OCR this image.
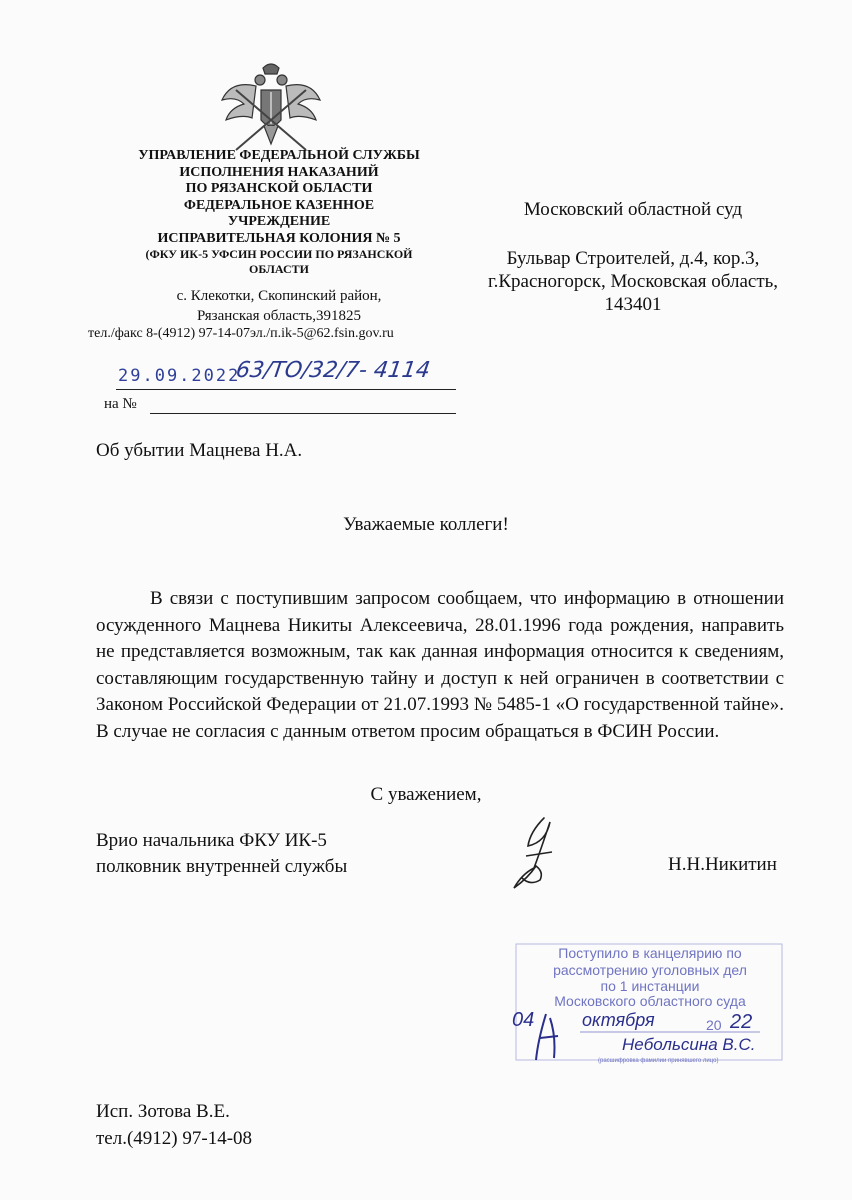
УПРАВЛЕНИЕ ФЕДЕРАЛЬНОЙ СЛУЖБЫ
ИСПОЛНЕНИЯ НАКАЗАНИЙ
ПО РЯЗАНСКОЙ ОБЛАСТИ
ФЕДЕРАЛЬНОЕ КАЗЕННОЕ
УЧРЕЖДЕНИЕ
ИСПРАВИТЕЛЬНАЯ КОЛОНИЯ № 5
(ФКУ ИК-5 УФСИН РОССИИ ПО РЯЗАНСКОЙ
ОБЛАСТИ
с. Клекотки, Скопинский район,
Рязанская область,391825
тел./факс 8-(4912) 97-14-07эл./п.ik-5@62.fsin.gov.ru
29.09.2022
63/ТО/32/7- 4114
на №
Московский областной суд
Бульвар Строителей, д.4, кор.3,
г.Красногорск, Московская область,
143401
Об убытии Мацнева Н.А.
Уважаемые коллеги!
В связи с поступившим запросом сообщаем, что информацию в отношении осужденного Мацнева Никиты Алексеевича, 28.01.1996 года рождения, направить не представляется возможным, так как данная информация относится к сведениям, составляющим государственную тайну и доступ к ней ограничен в соответствии с Законом Российской Федерации от 21.07.1993 № 5485-1 «О государственной тайне». В случае не согласия с данным ответом просим обращаться в ФСИН России.
С уважением,
Врио начальника ФКУ ИК-5
полковник внутренней службы	Н.Н.Никитин
Поступило в канцелярию по
рассмотрению уголовных дел
по 1 инстанции
Московского областного суда
04	октября	20 22
Небольсина В.С.
(расшифровка фамилии принявшего лицо)
Исп. Зотова В.Е.
тел.(4912) 97-14-08
